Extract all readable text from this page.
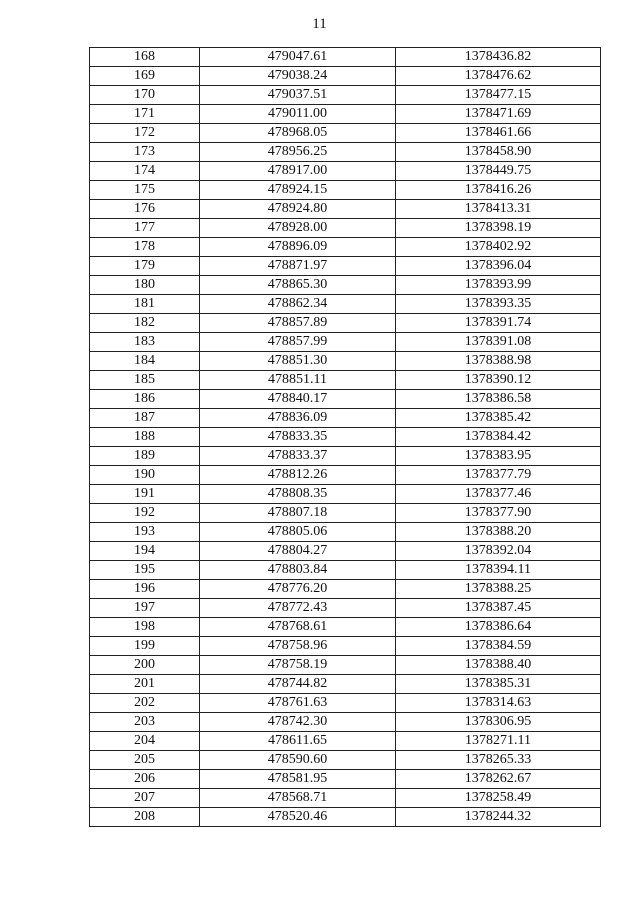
11
168	479047.61	1378436.82
169	479038.24	1378476.62
170	479037.51	1378477.15
171	479011.00	1378471.69
172	478968.05	1378461.66
173	478956.25	1378458.90
174	478917.00	1378449.75
175	478924.15	1378416.26
176	478924.80	1378413.31
177	478928.00	1378398.19
178	478896.09	1378402.92
179	478871.97	1378396.04
180	478865.30	1378393.99
181	478862.34	1378393.35
182	478857.89	1378391.74
183	478857.99	1378391.08
184	478851.30	1378388.98
185	478851.11	1378390.12
186	478840.17	1378386.58
187	478836.09	1378385.42
188	478833.35	1378384.42
189	478833.37	1378383.95
190	478812.26	1378377.79
191	478808.35	1378377.46
192	478807.18	1378377.90
193	478805.06	1378388.20
194	478804.27	1378392.04
195	478803.84	1378394.11
196	478776.20	1378388.25
197	478772.43	1378387.45
198	478768.61	1378386.64
199	478758.96	1378384.59
200	478758.19	1378388.40
201	478744.82	1378385.31
202	478761.63	1378314.63
203	478742.30	1378306.95
204	478611.65	1378271.11
205	478590.60	1378265.33
206	478581.95	1378262.67
207	478568.71	1378258.49
208	478520.46	1378244.32
